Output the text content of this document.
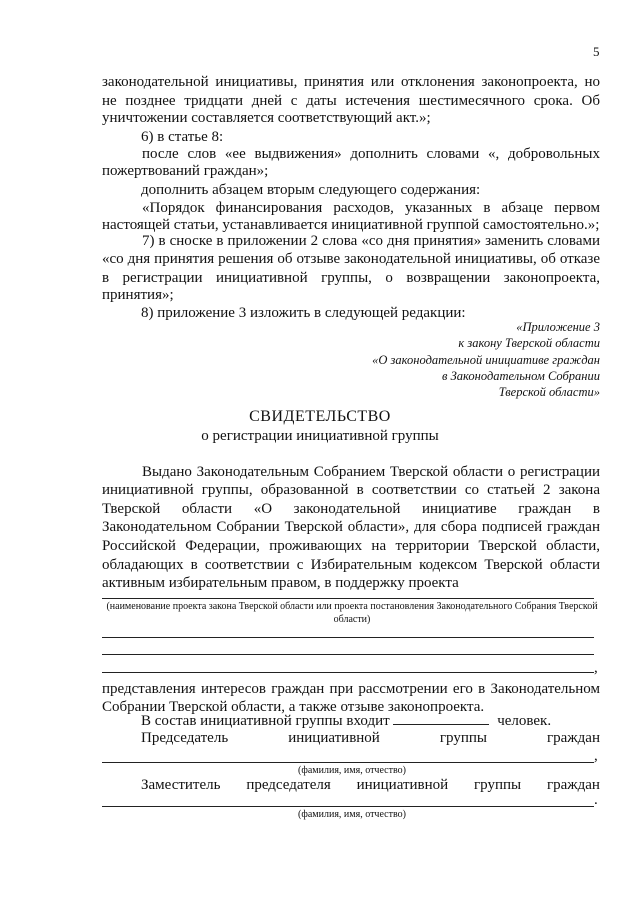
5
законодательной инициативы, принятия или отклонения законопроекта, но
не позднее тридцати дней с даты истечения шестимесячного срока. Об
уничтожении составляется соответствующий акт.»;
6) в статье 8:
после слов «ее выдвижения» дополнить словами «, добровольных
пожертвований граждан»;
дополнить абзацем вторым следующего содержания:
«Порядок финансирования расходов, указанных в абзаце первом
настоящей статьи, устанавливается инициативной группой самостоятельно.»;
7) в сноске в приложении 2 слова «со дня принятия» заменить словами
«со дня принятия решения об отзыве законодательной инициативы, об отказе
в регистрации инициативной группы, о возвращении законопроекта,
принятия»;
8) приложение 3 изложить в следующей редакции:
«Приложение 3
к закону Тверской области
«О законодательной инициативе граждан
в Законодательном Собрании
Тверской области»
СВИДЕТЕЛЬСТВО
о регистрации инициативной группы
Выдано Законодательным Собранием Тверской области о регистрации
инициативной группы, образованной в соответствии со статьей 2 закона
Тверской области «О законодательной инициативе граждан в
Законодательном Собрании Тверской области», для сбора подписей граждан
Российской Федерации, проживающих на территории Тверской области,
обладающих в соответствии с Избирательным кодексом Тверской области
активным избирательным правом, в поддержку проекта
(наименование проекта закона Тверской области или проекта постановления Законодательного Собрания Тверской области)
,
представления интересов граждан при рассмотрении его в Законодательном
Собрании Тверской области, а также отзыве законопроекта.
В состав инициативной группы входит	человек.
Председатель	инициативной	группы	граждан
,
(фамилия, имя, отчество)
Заместитель председателя инициативной группы граждан
.
(фамилия, имя, отчество)
